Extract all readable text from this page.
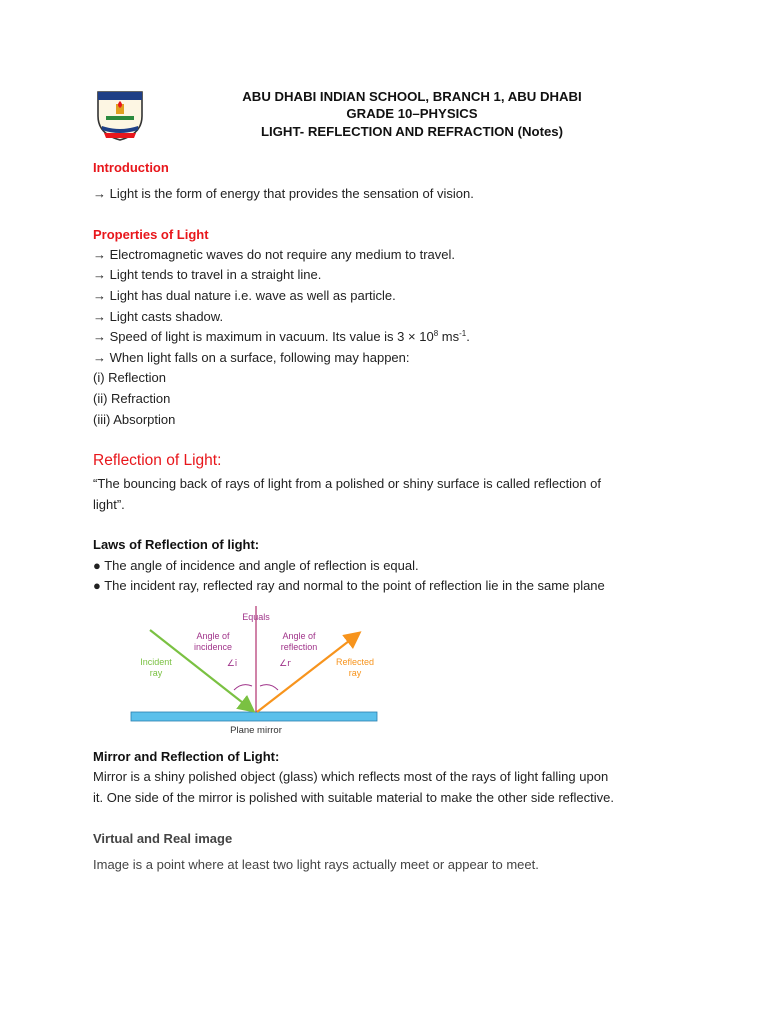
ABU DHABI INDIAN SCHOOL, BRANCH 1, ABU DHABI
GRADE 10–PHYSICS
LIGHT- REFLECTION AND REFRACTION (Notes)
Introduction
→ Light is the form of energy that provides the sensation of vision.
Properties of Light
→ Electromagnetic waves do not require any medium to travel.
→ Light tends to travel in a straight line.
→ Light has dual nature i.e. wave as well as particle.
→ Light casts shadow.
→ Speed of light is maximum in vacuum. Its value is $3 \times 10^8$ $ms^{-1}$.
→ When light falls on a surface, following may happen:
(i) Reflection
(ii) Refraction
(iii) Absorption
Reflection of Light:
“The bouncing back of rays of light from a polished or shiny surface is called reflection of
light”.
Laws of Reflection of light:
● The angle of incidence and angle of reflection is equal.
● The incident ray, reflected ray and normal to the point of reflection lie in the same plane
Equals
Angle of
incidence
Angle of
reflection
Incident
ray
Reflected
ray
∠i	∠r
Plane mirror
Mirror and Reflection of Light:
Mirror is a shiny polished object (glass) which reflects most of the rays of light falling upon
it. One side of the mirror is polished with suitable material to make the other side reflective.
Virtual and Real image
Image is a point where at least two light rays actually meet or appear to meet.
